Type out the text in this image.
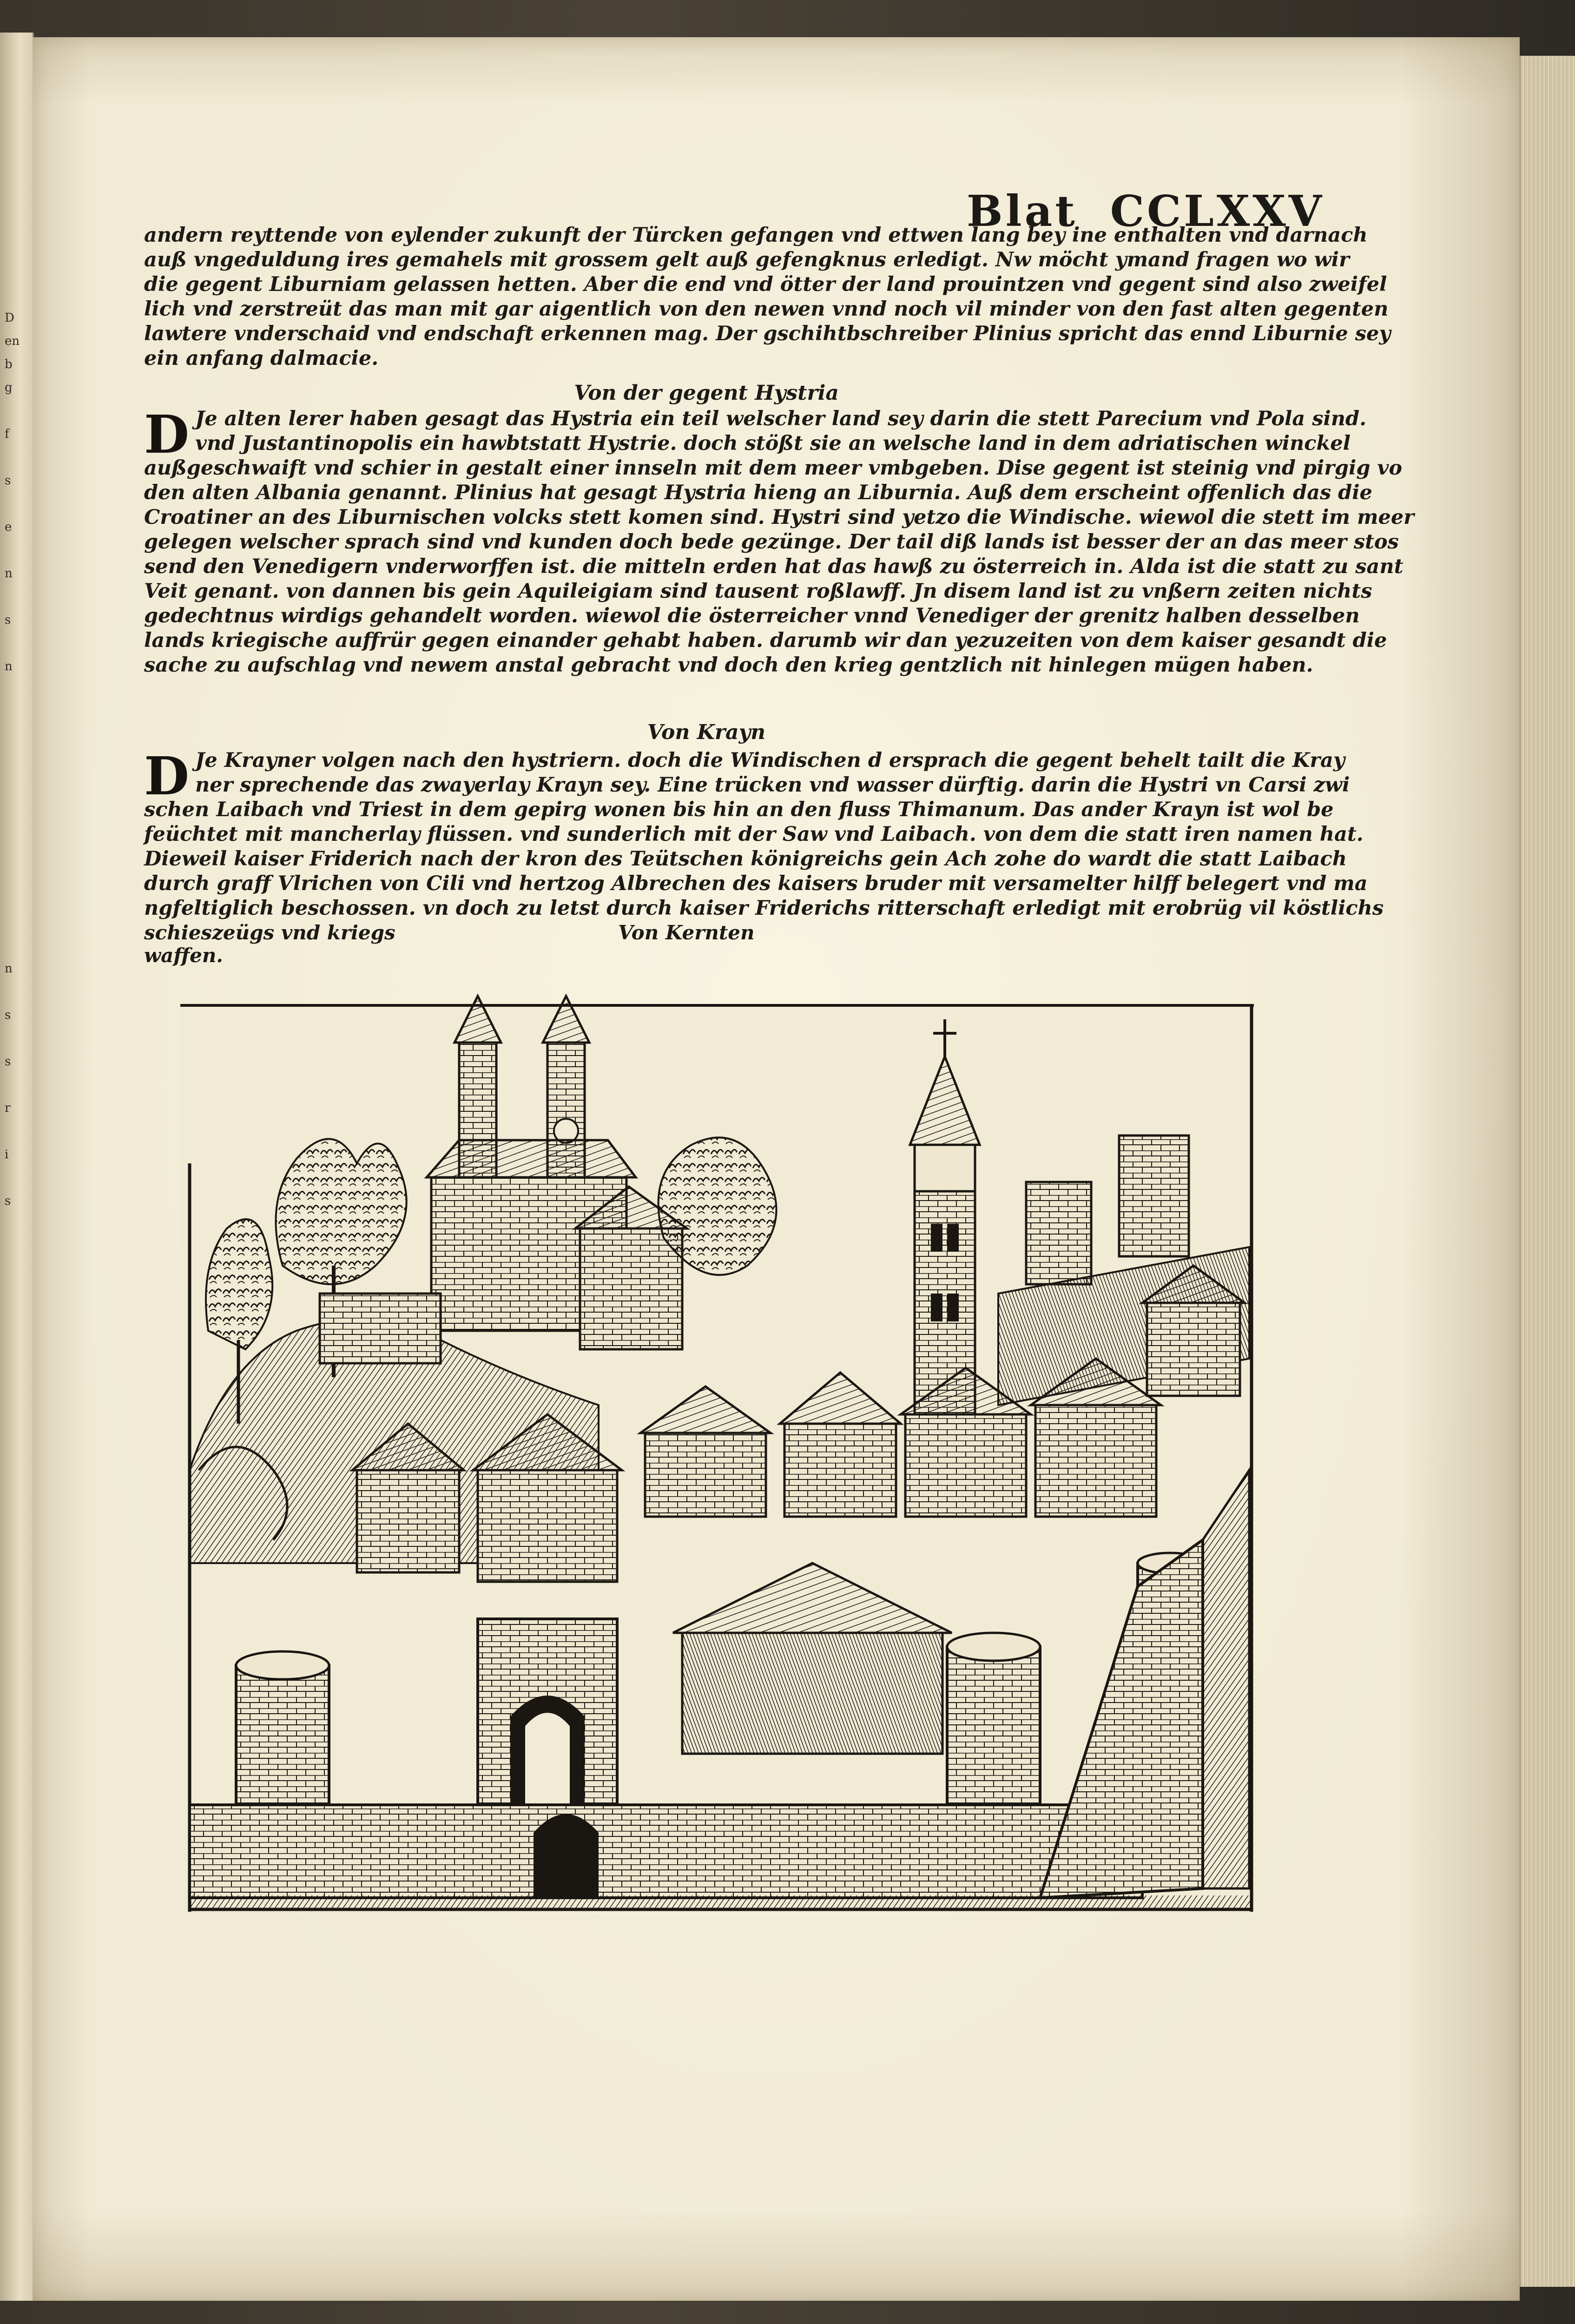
D
en
b
g
f
s
e
n
s
n
n
s
s
r
i
s
Blat CCLXXV
andern reyttende von eylender zukunft der Türcken gefangen vnd ettwen lang bey ine enthalten vnd darnach
auß vngeduldung ires gemahels mit grossem gelt auß gefengknus erledigt. Nw möcht ymand fragen wo wir
die gegent Liburniam gelassen hetten. Aber die end vnd ötter der land prouintzen vnd gegent sind also zweifel
lich vnd zerstreüt das man mit gar aigentlich von den newen vnnd noch vil minder von den fast alten gegenten
lawtere vnderschaid vnd endschaft erkennen mag. Der gschihtbschreiber Plinius spricht das ennd Liburnie sey
ein anfang dalmacie.
Von der gegent Hystria
D Je alten lerer haben gesagt das Hystria ein teil welscher land sey darin die stett Parecium vnd Pola sind.
vnd Justantinopolis ein hawbtstatt Hystrie. doch stößt sie an welsche land in dem adriatischen winckel
außgeschwaift vnd schier in gestalt einer innseln mit dem meer vmbgeben. Dise gegent ist steinig vnd pirgig vo
den alten Albania genannt. Plinius hat gesagt Hystria hieng an Liburnia. Auß dem erscheint offenlich das die
Croatiner an des Liburnischen volcks stett komen sind. Hystri sind yetzo die Windische. wiewol die stett im meer
gelegen welscher sprach sind vnd kunden doch bede gezünge. Der tail diß lands ist besser der an das meer stos
send den Venedigern vnderworffen ist. die mitteln erden hat das hawß zu österreich in. Alda ist die statt zu sant
Veit genant. von dannen bis gein Aquileigiam sind tausent roßlawff. Jn disem land ist zu vnßern zeiten nichts
gedechtnus wirdigs gehandelt worden. wiewol die österreicher vnnd Venediger der grenitz halben desselben
lands kriegische auffrür gegen einander gehabt haben. darumb wir dan yezuzeiten von dem kaiser gesandt die
sache zu aufschlag vnd newem anstal gebracht vnd doch den krieg gentzlich nit hinlegen mügen haben.
Von Krayn
D Je Krayner volgen nach den hystriern. doch die Windischen d ersprach die gegent behelt tailt die Kray
ner sprechende das zwayerlay Krayn sey. Eine trücken vnd wasser dürftig. darin die Hystri vn Carsi zwi
schen Laibach vnd Triest in dem gepirg wonen bis hin an den fluss Thimanum. Das ander Krayn ist wol be
feüchtet mit mancherlay flüssen. vnd sunderlich mit der Saw vnd Laibach. von dem die statt iren namen hat.
Dieweil kaiser Friderich nach der kron des Teütschen königreichs gein Ach zohe do wardt die statt Laibach
durch graff Vlrichen von Cili vnd hertzog Albrechen des kaisers bruder mit versamelter hilff belegert vnd ma
ngfeltiglich beschossen. vn doch zu letst durch kaiser Friderichs ritterschaft erledigt mit erobrüg vil köstlichs
schieszeügs vnd kriegs waffen.
Von Kernten
